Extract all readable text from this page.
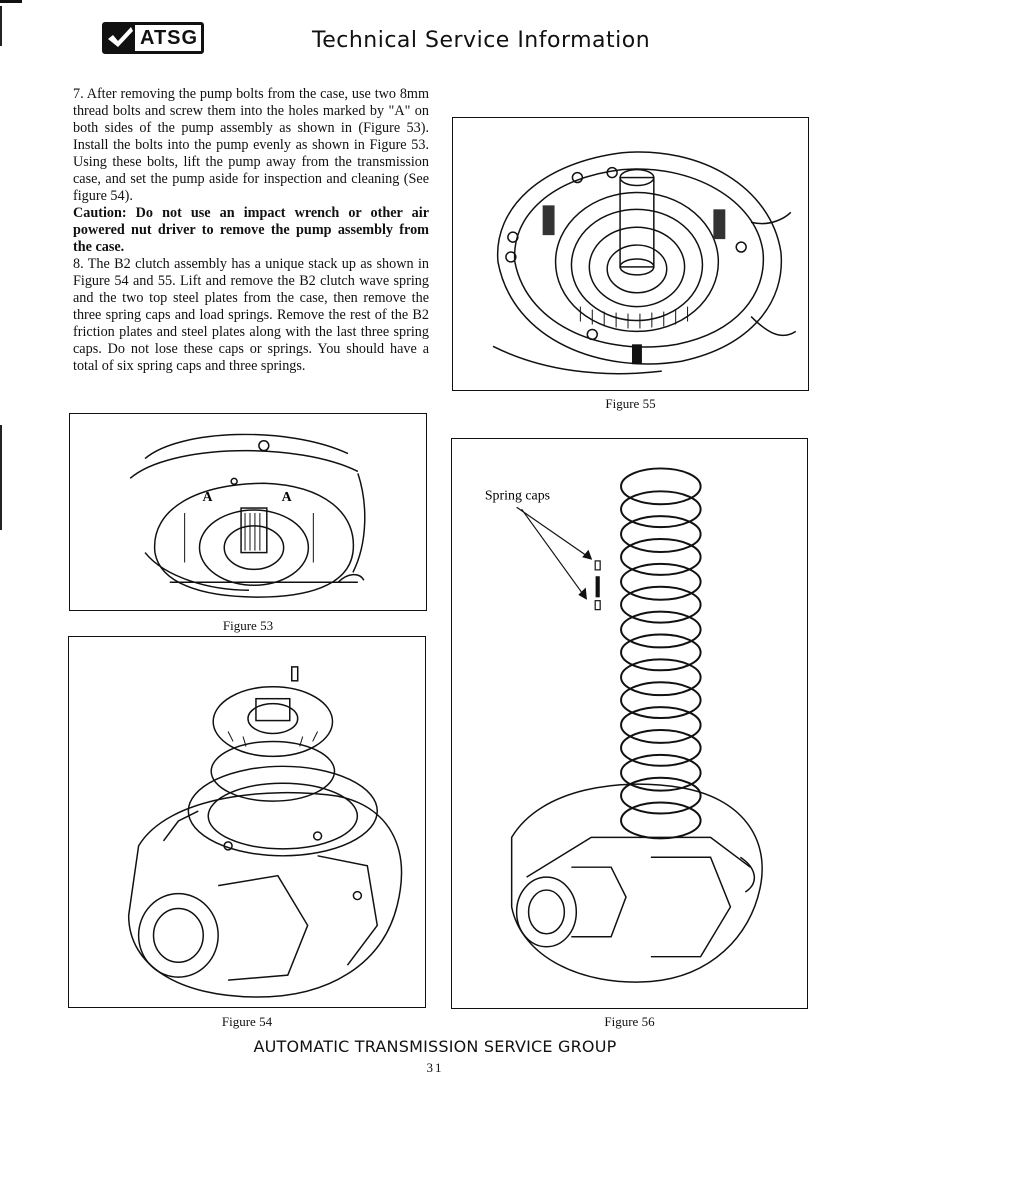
ATSG	Technical Service Information

7. After removing the pump bolts from the case, use two 8mm thread bolts and screw them into the holes marked by "A" on both sides of the pump assembly as shown in (Figure 53). Install the bolts into the pump evenly as shown in Figure 53. Using these bolts, lift the pump away from the transmission case, and set the pump aside for inspection and cleaning (See figure 54).

Caution: Do not use an impact wrench or other air powered nut driver to remove the pump assembly from the case.

8. The B2 clutch assembly has a unique stack up as shown in Figure 54 and 55. Lift and remove the B2 clutch wave spring and the two top steel plates from the case, then remove the three spring caps and load springs. Remove the rest of the B2 friction plates and steel plates along with the last three spring caps. Do not lose these caps or springs. You should have a total of six spring caps and three springs.

Figure 55
A	A
Figure 53
Spring caps
Figure 56
Figure 54
AUTOMATIC TRANSMISSION SERVICE GROUP
31
